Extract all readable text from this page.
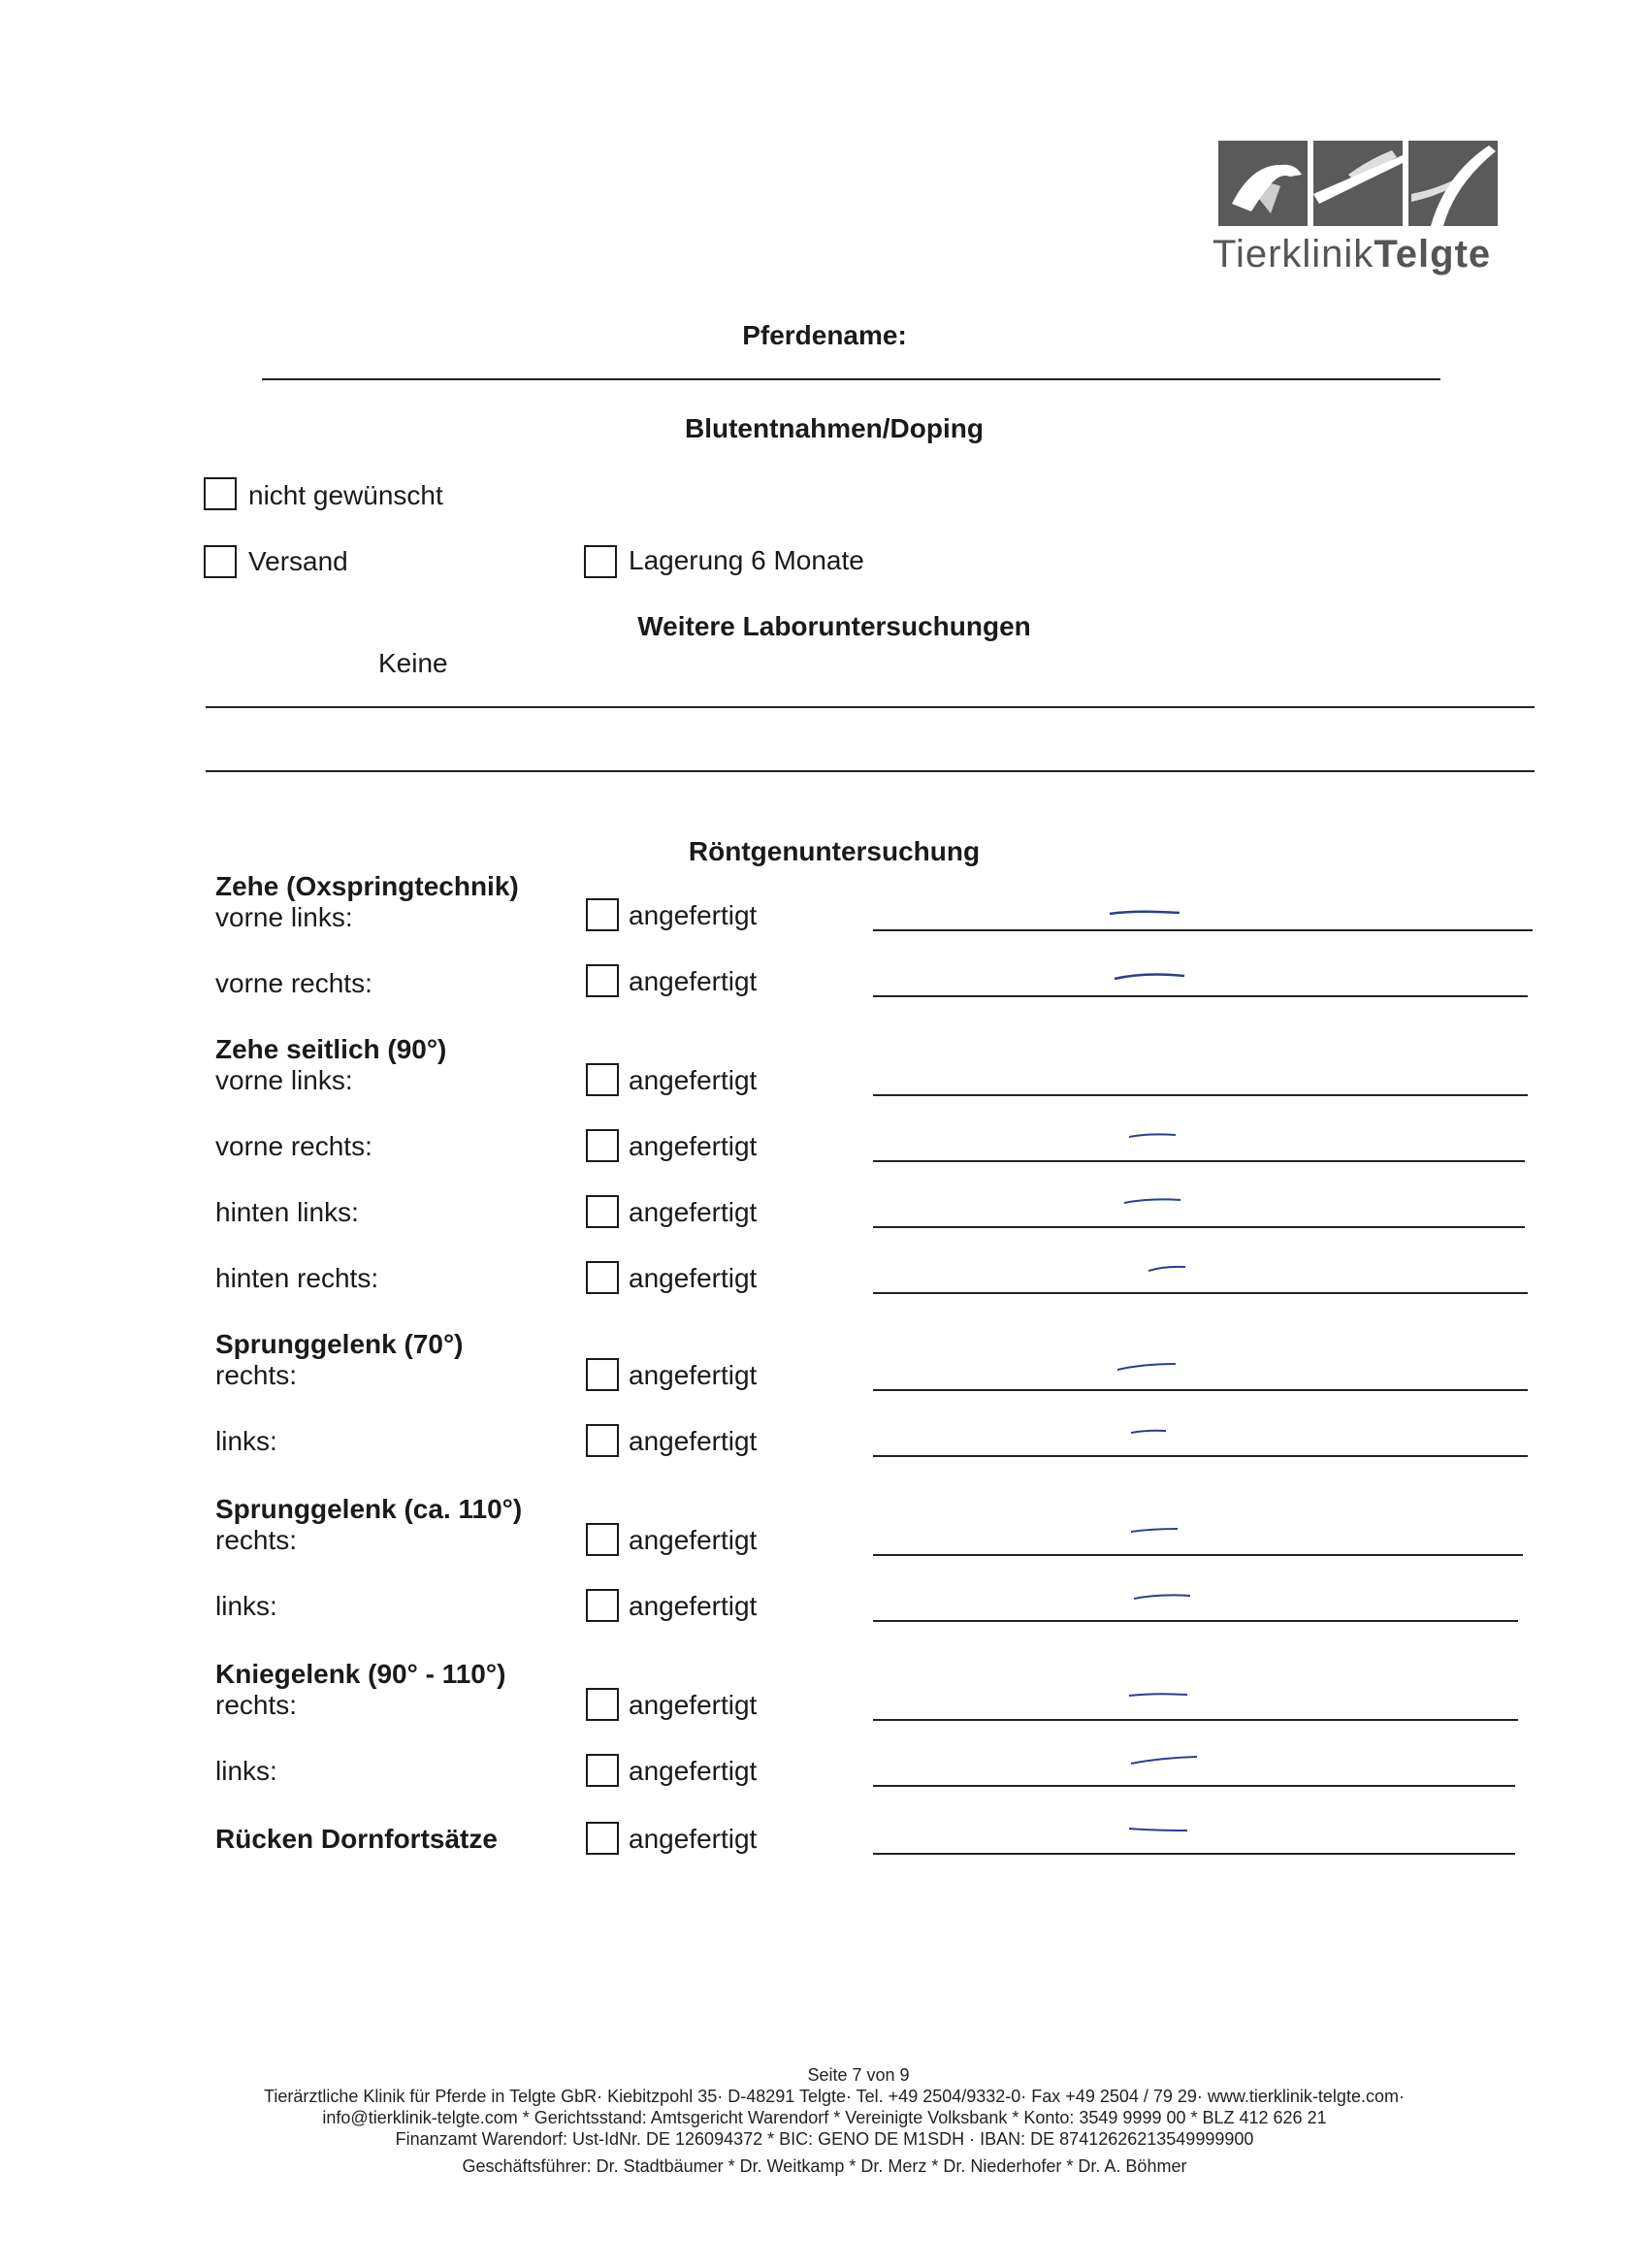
TierklinikTelgte
Pferdename:
Blutentnahmen/Doping
nicht gewünscht
Versand	Lagerung 6 Monate
Weitere Laboruntersuchungen
Keine
Röntgenuntersuchung
Zehe (Oxspringtechnik)
vorne links:	angefertigt
vorne rechts:	angefertigt
Zehe seitlich (90°)
vorne links:	angefertigt
vorne rechts:	angefertigt
hinten links:	angefertigt
hinten rechts:	angefertigt
Sprunggelenk (70°)
rechts:	angefertigt
links:	angefertigt
Sprunggelenk (ca. 110°)
rechts:	angefertigt
links:	angefertigt
Kniegelenk (90° - 110°)
rechts:	angefertigt
links:	angefertigt
Rücken Dornfortsätze	angefertigt
Seite 7 von 9
Tierärztliche Klinik für Pferde in Telgte GbR· Kiebitzpohl 35· D-48291 Telgte· Tel. +49 2504/9332-0· Fax +49 2504 / 79 29· www.tierklinik-telgte.com·
info@tierklinik-telgte.com * Gerichtsstand: Amtsgericht Warendorf * Vereinigte Volksbank * Konto: 3549 9999 00 * BLZ 412 626 21
Finanzamt Warendorf: Ust-IdNr. DE 126094372 * BIC: GENO DE M1SDH · IBAN: DE 87412626213549999900
Geschäftsführer: Dr. Stadtbäumer * Dr. Weitkamp * Dr. Merz * Dr. Niederhofer * Dr. A. Böhmer
